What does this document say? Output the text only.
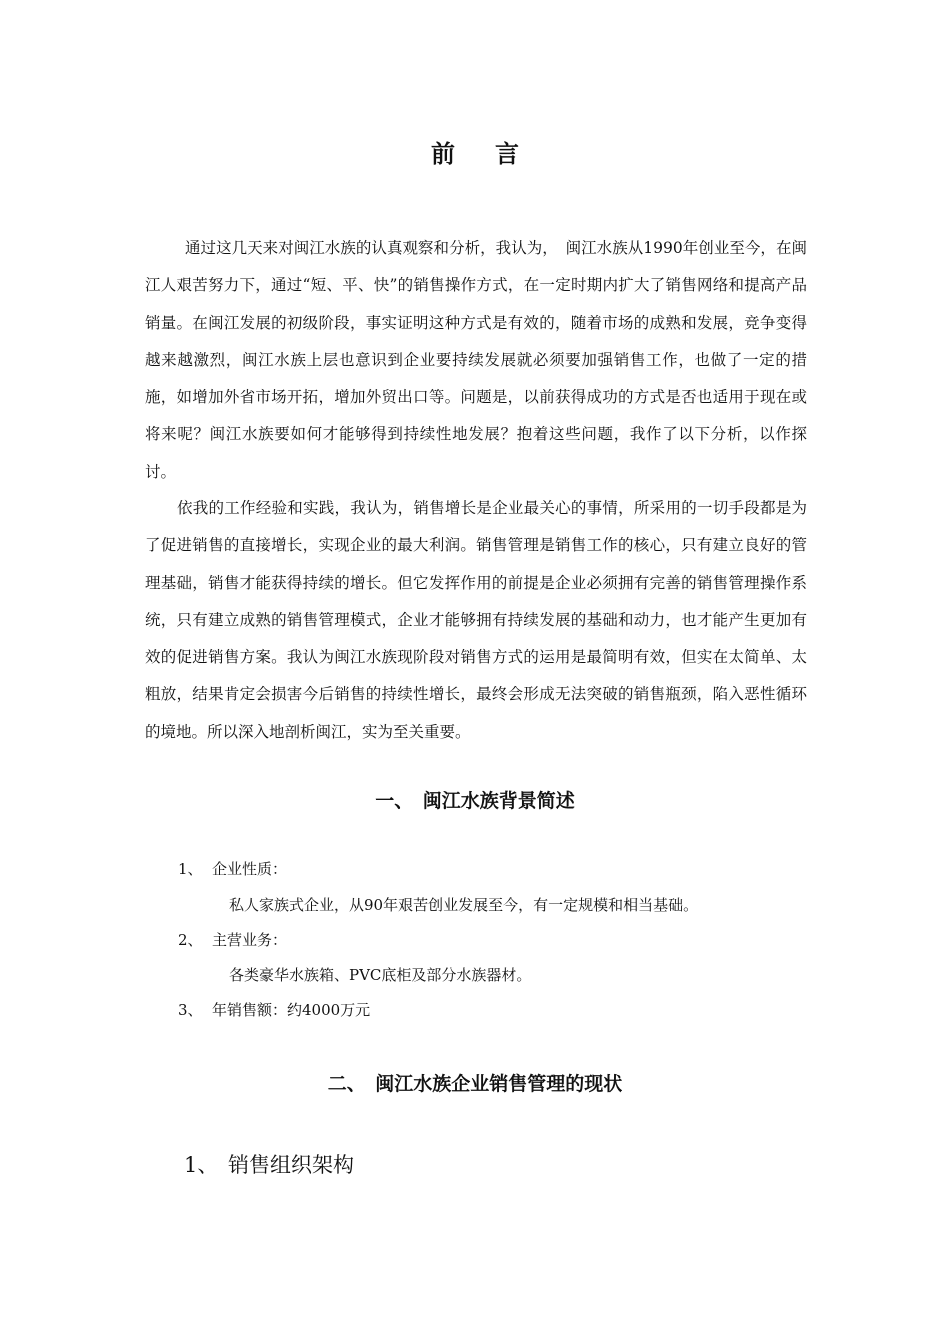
前言

通过这几天来对闽江水族的认真观察和分析，我认为，　闽江水族从1990年创业至今，在闽江人艰苦努力下，通过“短、平、快”的销售操作方式，在一定时期内扩大了销售网络和提高产品销量。在闽江发展的初级阶段，事实证明这种方式是有效的，随着市场的成熟和发展，竞争变得越来越激烈，闽江水族上层也意识到企业要持续发展就必须要加强销售工作，也做了一定的措施，如增加外省市场开拓，增加外贸出口等。问题是，以前获得成功的方式是否也适用于现在或将来呢？闽江水族要如何才能够得到持续性地发展？抱着这些问题，我作了以下分析，以作探讨。

依我的工作经验和实践，我认为，销售增长是企业最关心的事情，所采用的一切手段都是为了促进销售的直接增长，实现企业的最大利润。销售管理是销售工作的核心，只有建立良好的管理基础，销售才能获得持续的增长。但它发挥作用的前提是企业必须拥有完善的销售管理操作系统，只有建立成熟的销售管理模式，企业才能够拥有持续发展的基础和动力，也才能产生更加有效的促进销售方案。我认为闽江水族现阶段对销售方式的运用是最简明有效，但实在太简单、太粗放，结果肯定会损害今后销售的持续性增长，最终会形成无法突破的销售瓶颈，陷入恶性循环的境地。所以深入地剖析闽江，实为至关重要。

一、　闽江水族背景简述

1、 企业性质：

私人家族式企业，从90年艰苦创业发展至今，有一定规模和相当基础。

2、 主营业务：

各类豪华水族箱、PVC底柜及部分水族器材。

3、 年销售额：约4000万元

二、　闽江水族企业销售管理的现状

1、 销售组织架构
